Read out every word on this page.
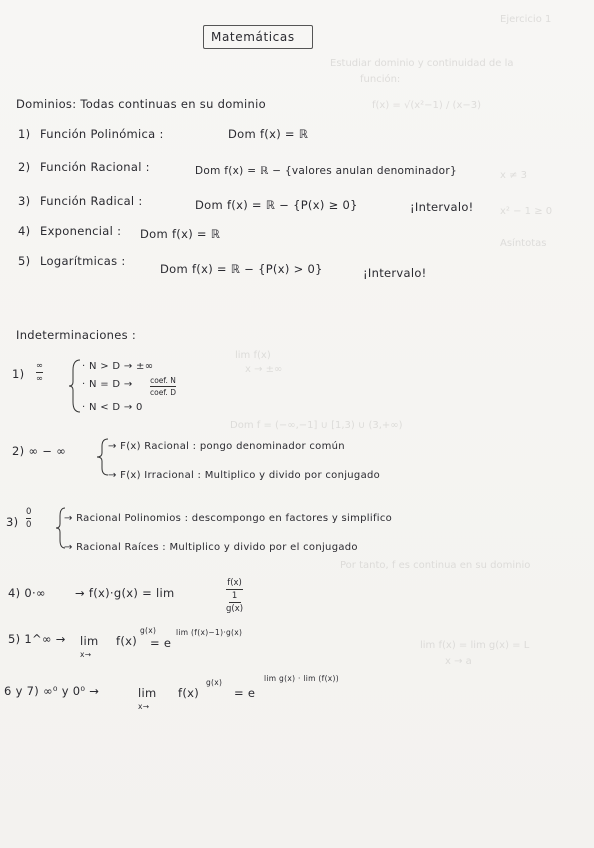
Ejercicio 1
Estudiar dominio y continuidad de la
función:
f(x) = √(x²−1) / (x−3)
x ≠ 3
x² − 1 ≥ 0
Asíntotas
lim f(x)
x → ±∞
Dom f = (−∞,−1] ∪ [1,3) ∪ (3,+∞)
Por tanto, f es continua en su dominio
lim f(x) = lim g(x) = L
x → a
Matemáticas
Dominios: Todas continuas en su dominio
1) Función Polinómica :	Dom f(x) = ℝ
2) Función Racional :	Dom f(x) = ℝ − {valores anulan denominador}
3) Función Radical :	Dom f(x) = ℝ − {P(x) ≥ 0}	¡Intervalo!
4) Exponencial : Dom f(x) = ℝ
5) Logarítmicas :
Dom f(x) = ℝ − {P(x) > 0}	¡Intervalo!
Indeterminaciones :
1)
∞
∞
· N > D → ±∞
· N = D → coef. N
coef. D
· N < D → 0
2) ∞ − ∞	→ F(x) Racional : pongo denominador común
→ F(x) Irracional : Multiplico y divido por conjugado
3)
0
0
→ Racional Polinomios : descompongo en factores y simplifico
→ Racional Raíces : Multiplico y divido por el conjugado
4) 0·∞	→ f(x)·g(x) = lim
f(x)
1
g(x)
5) 1^∞ → lim
x→
f(x)
g(x)
= e
lim (f(x)−1)·g(x)
6 y 7) ∞⁰ y 0⁰ →	lim
x→
f(x)
g(x)
= e
lim g(x) · lim (f(x))
